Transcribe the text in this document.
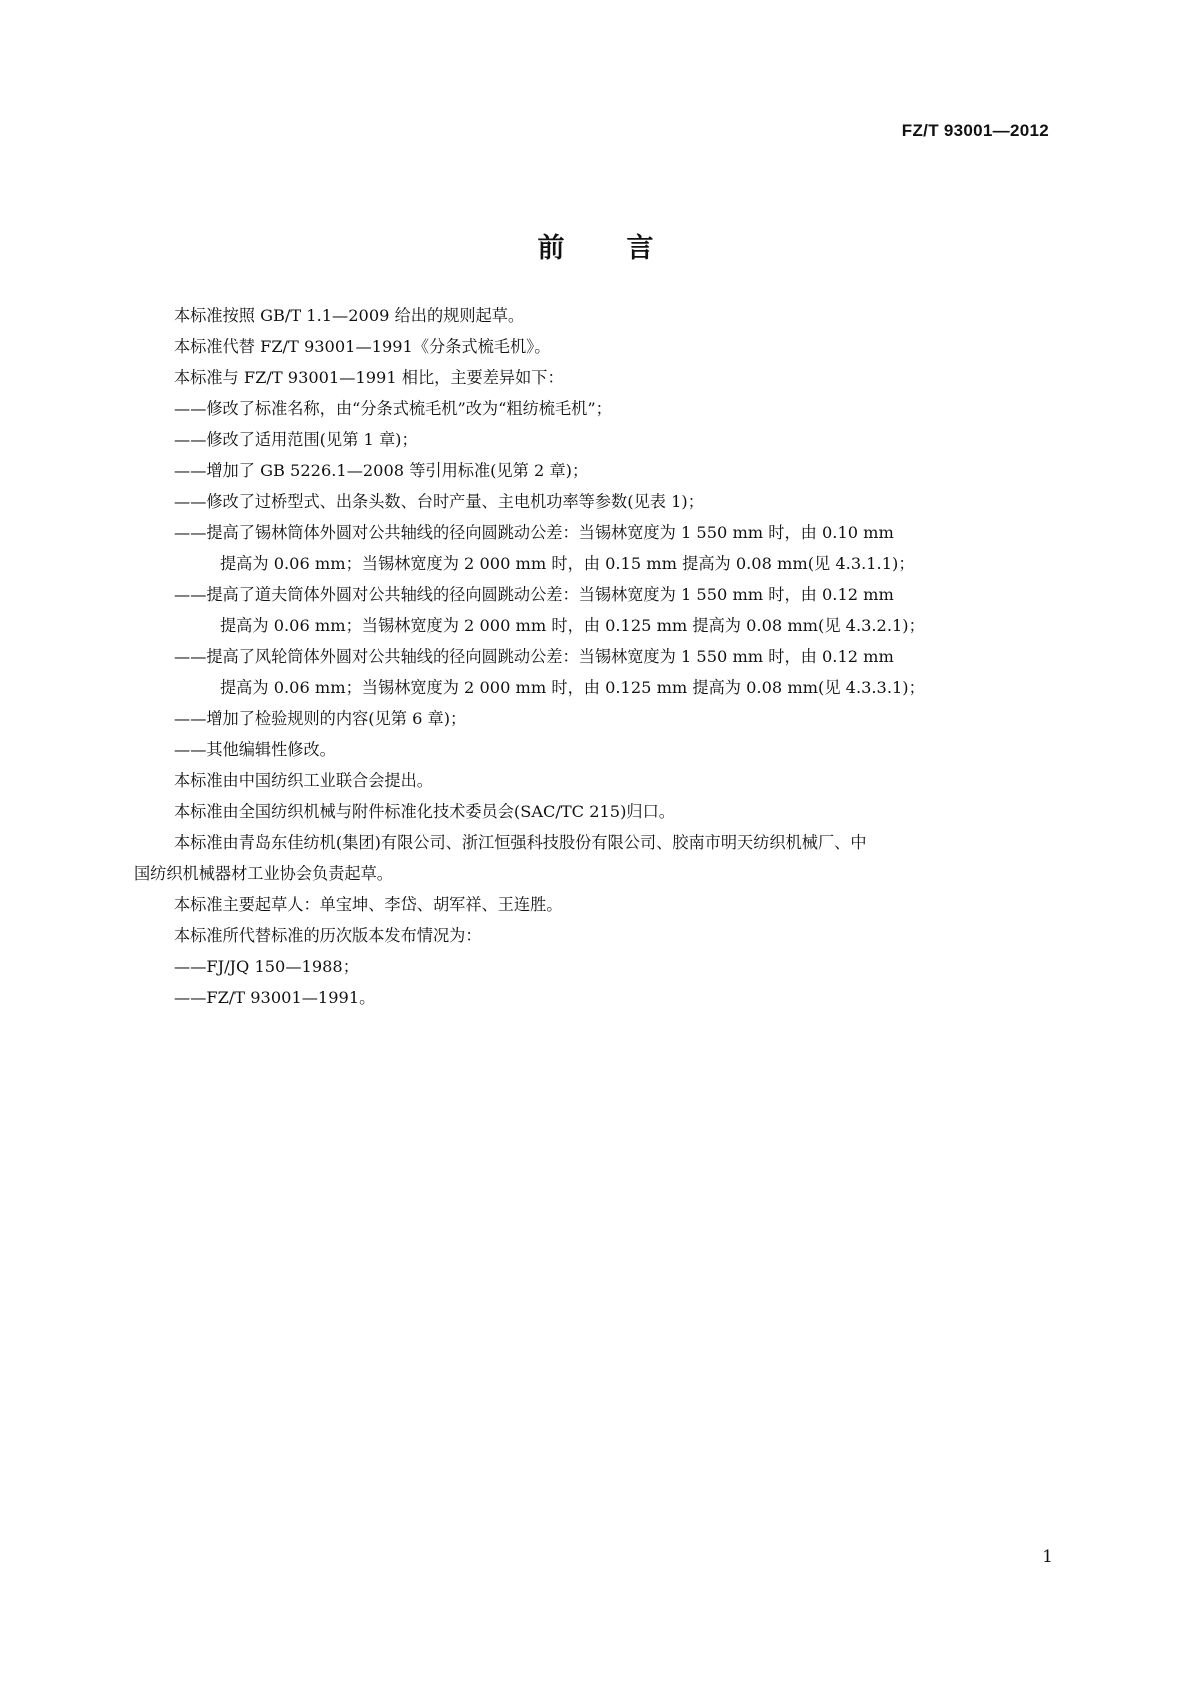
FZ/T 93001—2012
前言
本标准按照 GB/T 1.1—2009 给出的规则起草。
本标准代替 FZ/T 93001—1991《分条式梳毛机》。
本标准与 FZ/T 93001—1991 相比，主要差异如下：
——修改了标准名称，由“分条式梳毛机”改为“粗纺梳毛机”；
——修改了适用范围(见第 1 章)；
——增加了 GB 5226.1—2008 等引用标准(见第 2 章)；
——修改了过桥型式、出条头数、台时产量、主电机功率等参数(见表 1)；
——提高了锡林筒体外圆对公共轴线的径向圆跳动公差：当锡林宽度为 1 550 mm 时，由 0.10 mm
提高为 0.06 mm；当锡林宽度为 2 000 mm 时，由 0.15 mm 提高为 0.08 mm(见 4.3.1.1)；
——提高了道夫筒体外圆对公共轴线的径向圆跳动公差：当锡林宽度为 1 550 mm 时，由 0.12 mm
提高为 0.06 mm；当锡林宽度为 2 000 mm 时，由 0.125 mm 提高为 0.08 mm(见 4.3.2.1)；
——提高了风轮筒体外圆对公共轴线的径向圆跳动公差：当锡林宽度为 1 550 mm 时，由 0.12 mm
提高为 0.06 mm；当锡林宽度为 2 000 mm 时，由 0.125 mm 提高为 0.08 mm(见 4.3.3.1)；
——增加了检验规则的内容(见第 6 章)；
——其他编辑性修改。
本标准由中国纺织工业联合会提出。
本标准由全国纺织机械与附件标准化技术委员会(SAC/TC 215)归口。
本标准由青岛东佳纺机(集团)有限公司、浙江恒强科技股份有限公司、胶南市明天纺织机械厂、中
国纺织机械器材工业协会负责起草。
本标准主要起草人：单宝坤、李岱、胡军祥、王连胜。
本标准所代替标准的历次版本发布情况为：
——FJ/JQ 150—1988；
——FZ/T 93001—1991。
1
